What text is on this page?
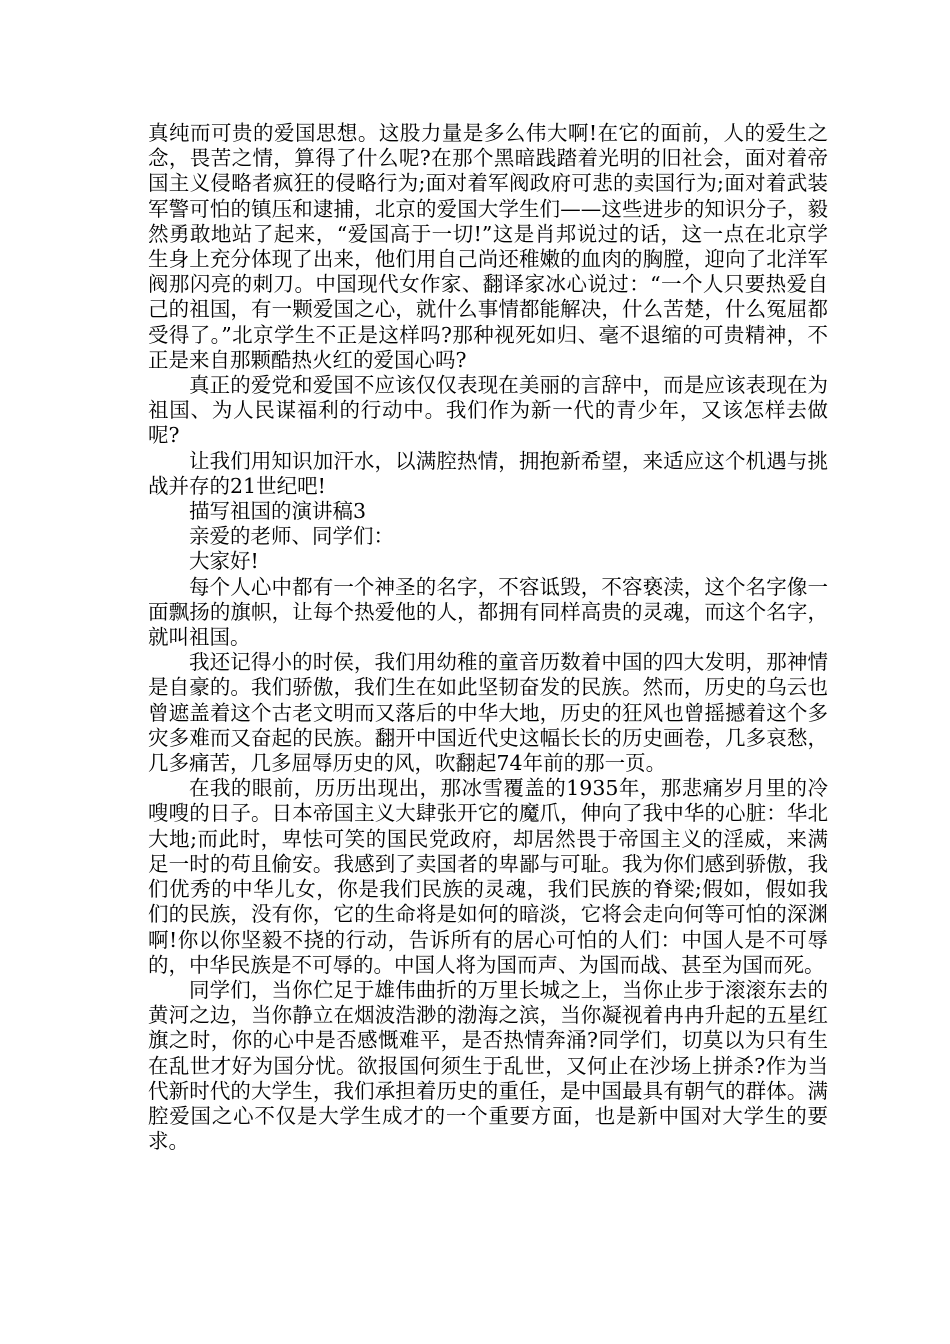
真纯而可贵的爱国思想。这股力量是多么伟大啊!在它的面前，人的爱生之念，畏苦之情，算得了什么呢?在那个黑暗践踏着光明的旧社会，面对着帝国主义侵略者疯狂的侵略行为;面对着军阀政府可悲的卖国行为;面对着武装军警可怕的镇压和逮捕，北京的爱国大学生们——这些进步的知识分子，毅然勇敢地站了起来，“爱国高于一切!”这是肖邦说过的话，这一点在北京学生身上充分体现了出来，他们用自己尚还稚嫩的血肉的胸膛，迎向了北洋军阀那闪亮的刺刀。中国现代女作家、翻译家冰心说过：“一个人只要热爱自己的祖国，有一颗爱国之心，就什么事情都能解决，什么苦楚，什么冤屈都受得了。”北京学生不正是这样吗?那种视死如归、毫不退缩的可贵精神，不正是来自那颗酷热火红的爱国心吗?

真正的爱党和爱国不应该仅仅表现在美丽的言辞中，而是应该表现在为祖国、为人民谋福利的行动中。我们作为新一代的青少年，又该怎样去做呢?

让我们用知识加汗水，以满腔热情，拥抱新希望，来适应这个机遇与挑战并存的21世纪吧!

描写祖国的演讲稿3

亲爱的老师、同学们：

大家好!

每个人心中都有一个神圣的名字，不容诋毁，不容亵渎，这个名字像一面飘扬的旗帜，让每个热爱他的人，都拥有同样高贵的灵魂，而这个名字，就叫祖国。

我还记得小的时侯，我们用幼稚的童音历数着中国的四大发明，那神情是自豪的。我们骄傲，我们生在如此坚韧奋发的民族。然而，历史的乌云也曾遮盖着这个古老文明而又落后的中华大地，历史的狂风也曾摇撼着这个多灾多难而又奋起的民族。翻开中国近代史这幅长长的历史画卷，几多哀愁，几多痛苦，几多屈辱历史的风，吹翻起74年前的那一页。

在我的眼前，历历出现出，那冰雪覆盖的1935年，那悲痛岁月里的冷嗖嗖的日子。日本帝国主义大肆张开它的魔爪，伸向了我中华的心脏：华北大地;而此时，卑怯可笑的国民党政府，却居然畏于帝国主义的淫威，来满足一时的苟且偷安。我感到了卖国者的卑鄙与可耻。我为你们感到骄傲，我们优秀的中华儿女，你是我们民族的灵魂，我们民族的脊梁;假如，假如我们的民族，没有你，它的生命将是如何的暗淡，它将会走向何等可怕的深渊啊!你以你坚毅不挠的行动，告诉所有的居心可怕的人们：中国人是不可辱的，中华民族是不可辱的。中国人将为国而声、为国而战、甚至为国而死。

同学们，当你伫足于雄伟曲折的万里长城之上，当你止步于滚滚东去的黄河之边，当你静立在烟波浩渺的渤海之滨，当你凝视着冉冉升起的五星红旗之时，你的心中是否感慨难平，是否热情奔涌?同学们，切莫以为只有生在乱世才好为国分忧。欲报国何须生于乱世，又何止在沙场上拼杀?作为当代新时代的大学生，我们承担着历史的重任，是中国最具有朝气的群体。满腔爱国之心不仅是大学生成才的一个重要方面，也是新中国对大学生的要求。
